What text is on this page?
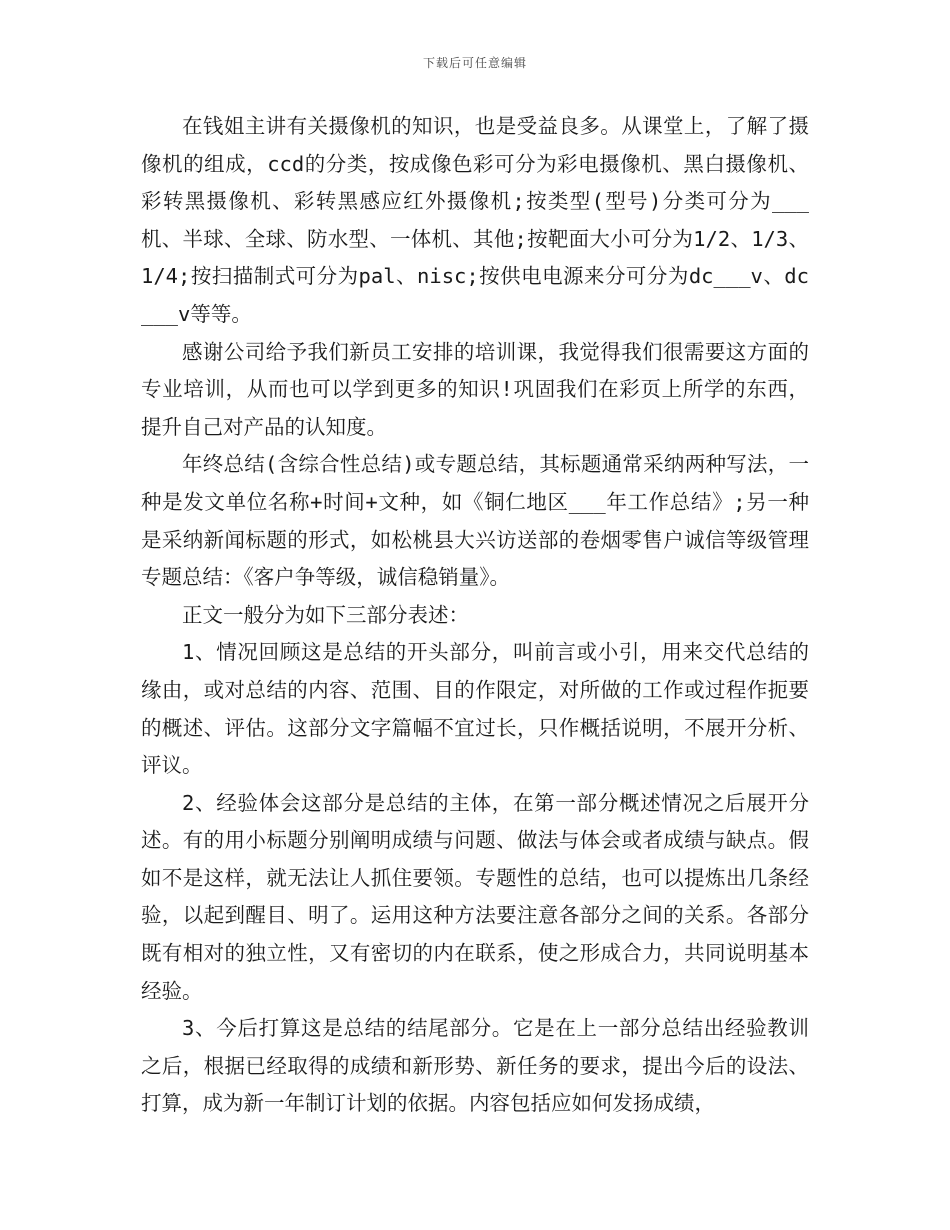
下载后可任意编辑

在钱姐主讲有关摄像机的知识，也是受益良多。从课堂上，了解了摄像机的组成，ccd的分类，按成像色彩可分为彩电摄像机、黑白摄像机、彩转黑摄像机、彩转黑感应红外摄像机;按类型(型号)分类可分为___机、半球、全球、防水型、一体机、其他;按靶面大小可分为1/2、1/3、1/4;按扫描制式可分为pal、nisc;按供电电源来分可分为dc___v、dc___v等等。

感谢公司给予我们新员工安排的培训课，我觉得我们很需要这方面的专业培训，从而也可以学到更多的知识!巩固我们在彩页上所学的东西，提升自己对产品的认知度。

年终总结(含综合性总结)或专题总结，其标题通常采纳两种写法，一种是发文单位名称+时间+文种，如《铜仁地区___年工作总结》;另一种是采纳新闻标题的形式，如松桃县大兴访送部的卷烟零售户诚信等级管理专题总结：《客户争等级，诚信稳销量》。

正文一般分为如下三部分表述：

1、情况回顾这是总结的开头部分，叫前言或小引，用来交代总结的缘由，或对总结的内容、范围、目的作限定，对所做的工作或过程作扼要的概述、评估。这部分文字篇幅不宜过长，只作概括说明，不展开分析、评议。

2、经验体会这部分是总结的主体，在第一部分概述情况之后展开分述。有的用小标题分别阐明成绩与问题、做法与体会或者成绩与缺点。假如不是这样，就无法让人抓住要领。专题性的总结，也可以提炼出几条经验，以起到醒目、明了。运用这种方法要注意各部分之间的关系。各部分既有相对的独立性，又有密切的内在联系，使之形成合力，共同说明基本经验。

3、今后打算这是总结的结尾部分。它是在上一部分总结出经验教训之后，根据已经取得的成绩和新形势、新任务的要求，提出今后的设法、打算，成为新一年制订计划的依据。内容包括应如何发扬成绩，
